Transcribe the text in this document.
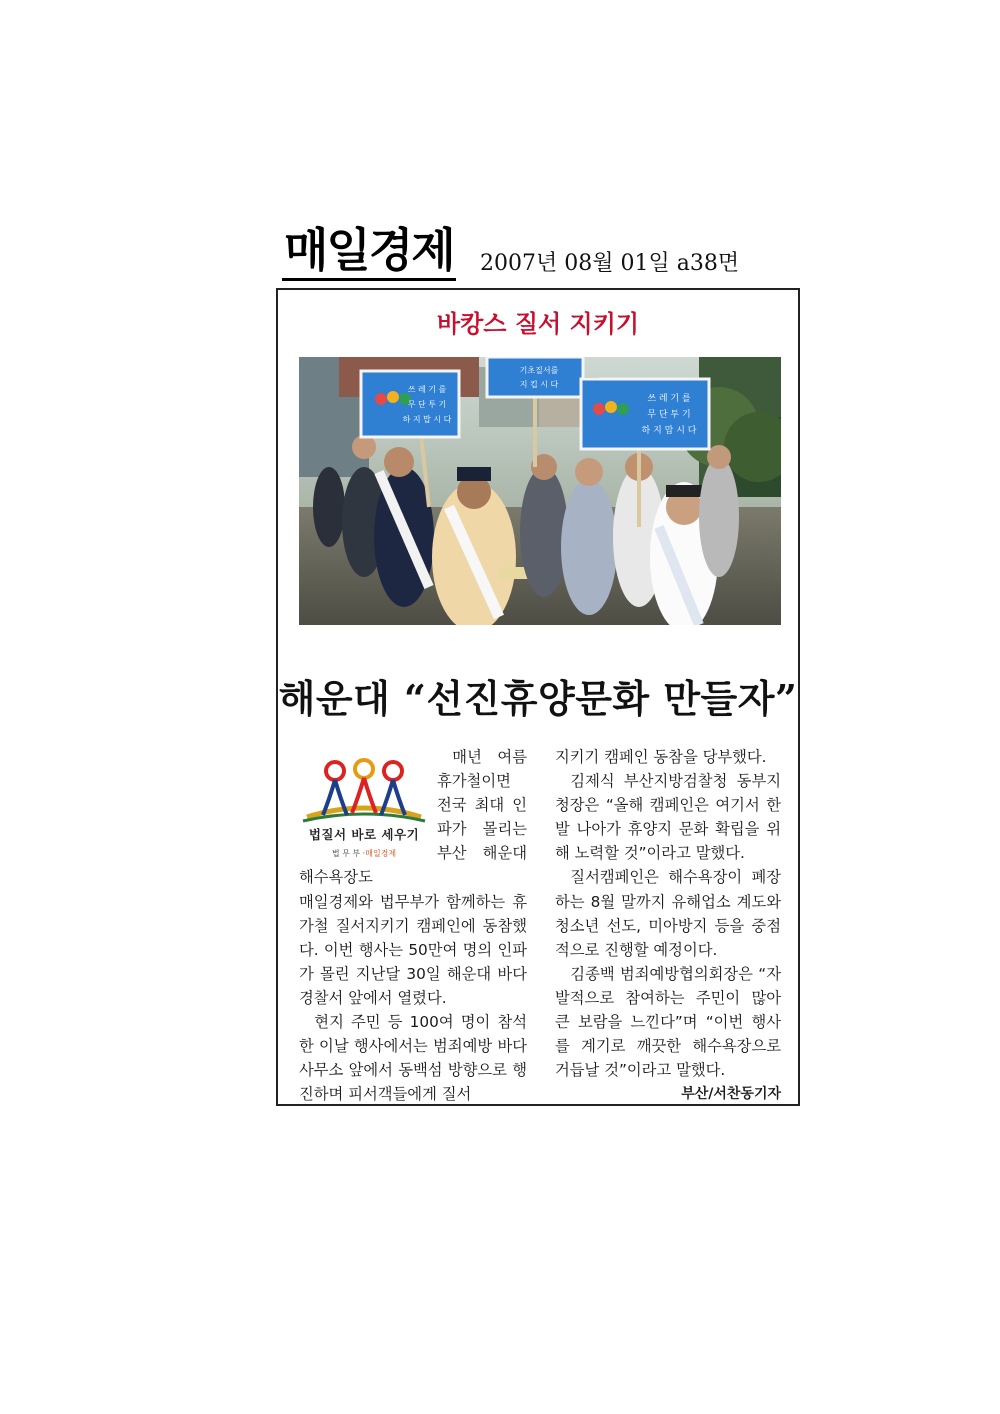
매일경제 2007년 08월 01일 a38면
바캉스 질서 지키기
쓰 레 기 를
무 단 투 기
하 지 맙 시 다
기초질서를
지 킵 시 다
쓰 레 기 를
무 단 투 기
하 지 맙 시 다
해운대 “선진휴양문화 만들자”
법질서 바로 세우기
법 무 부 ·매일경제

매년 여름 휴가철이면 전국 최대 인파가 몰리는 부산 해운대 해수욕장도

매일경제와 법무부가 함께하는 휴가철 질서지키기 캠페인에 동참했다. 이번 행사는 50만여 명의 인파가 몰린 지난달 30일 해운대 바다경찰서 앞에서 열렸다.

현지 주민 등 100여 명이 참석한 이날 행사에서는 범죄예방 바다사무소 앞에서 동백섬 방향으로 행진하며 피서객들에게 질서

지키기 캠페인 동참을 당부했다.

김제식 부산지방검찰청 동부지청장은 “올해 캠페인은 여기서 한 발 나아가 휴양지 문화 확립을 위해 노력할 것”이라고 말했다.

질서캠페인은 해수욕장이 폐장하는 8월 말까지 유해업소 계도와 청소년 선도, 미아방지 등을 중점적으로 진행할 예정이다.

김종백 범죄예방협의회장은 “자발적으로 참여하는 주민이 많아 큰 보람을 느낀다”며 “이번 행사를 계기로 깨끗한 해수욕장으로 거듭날 것”이라고 말했다.

부산/서찬동기자
